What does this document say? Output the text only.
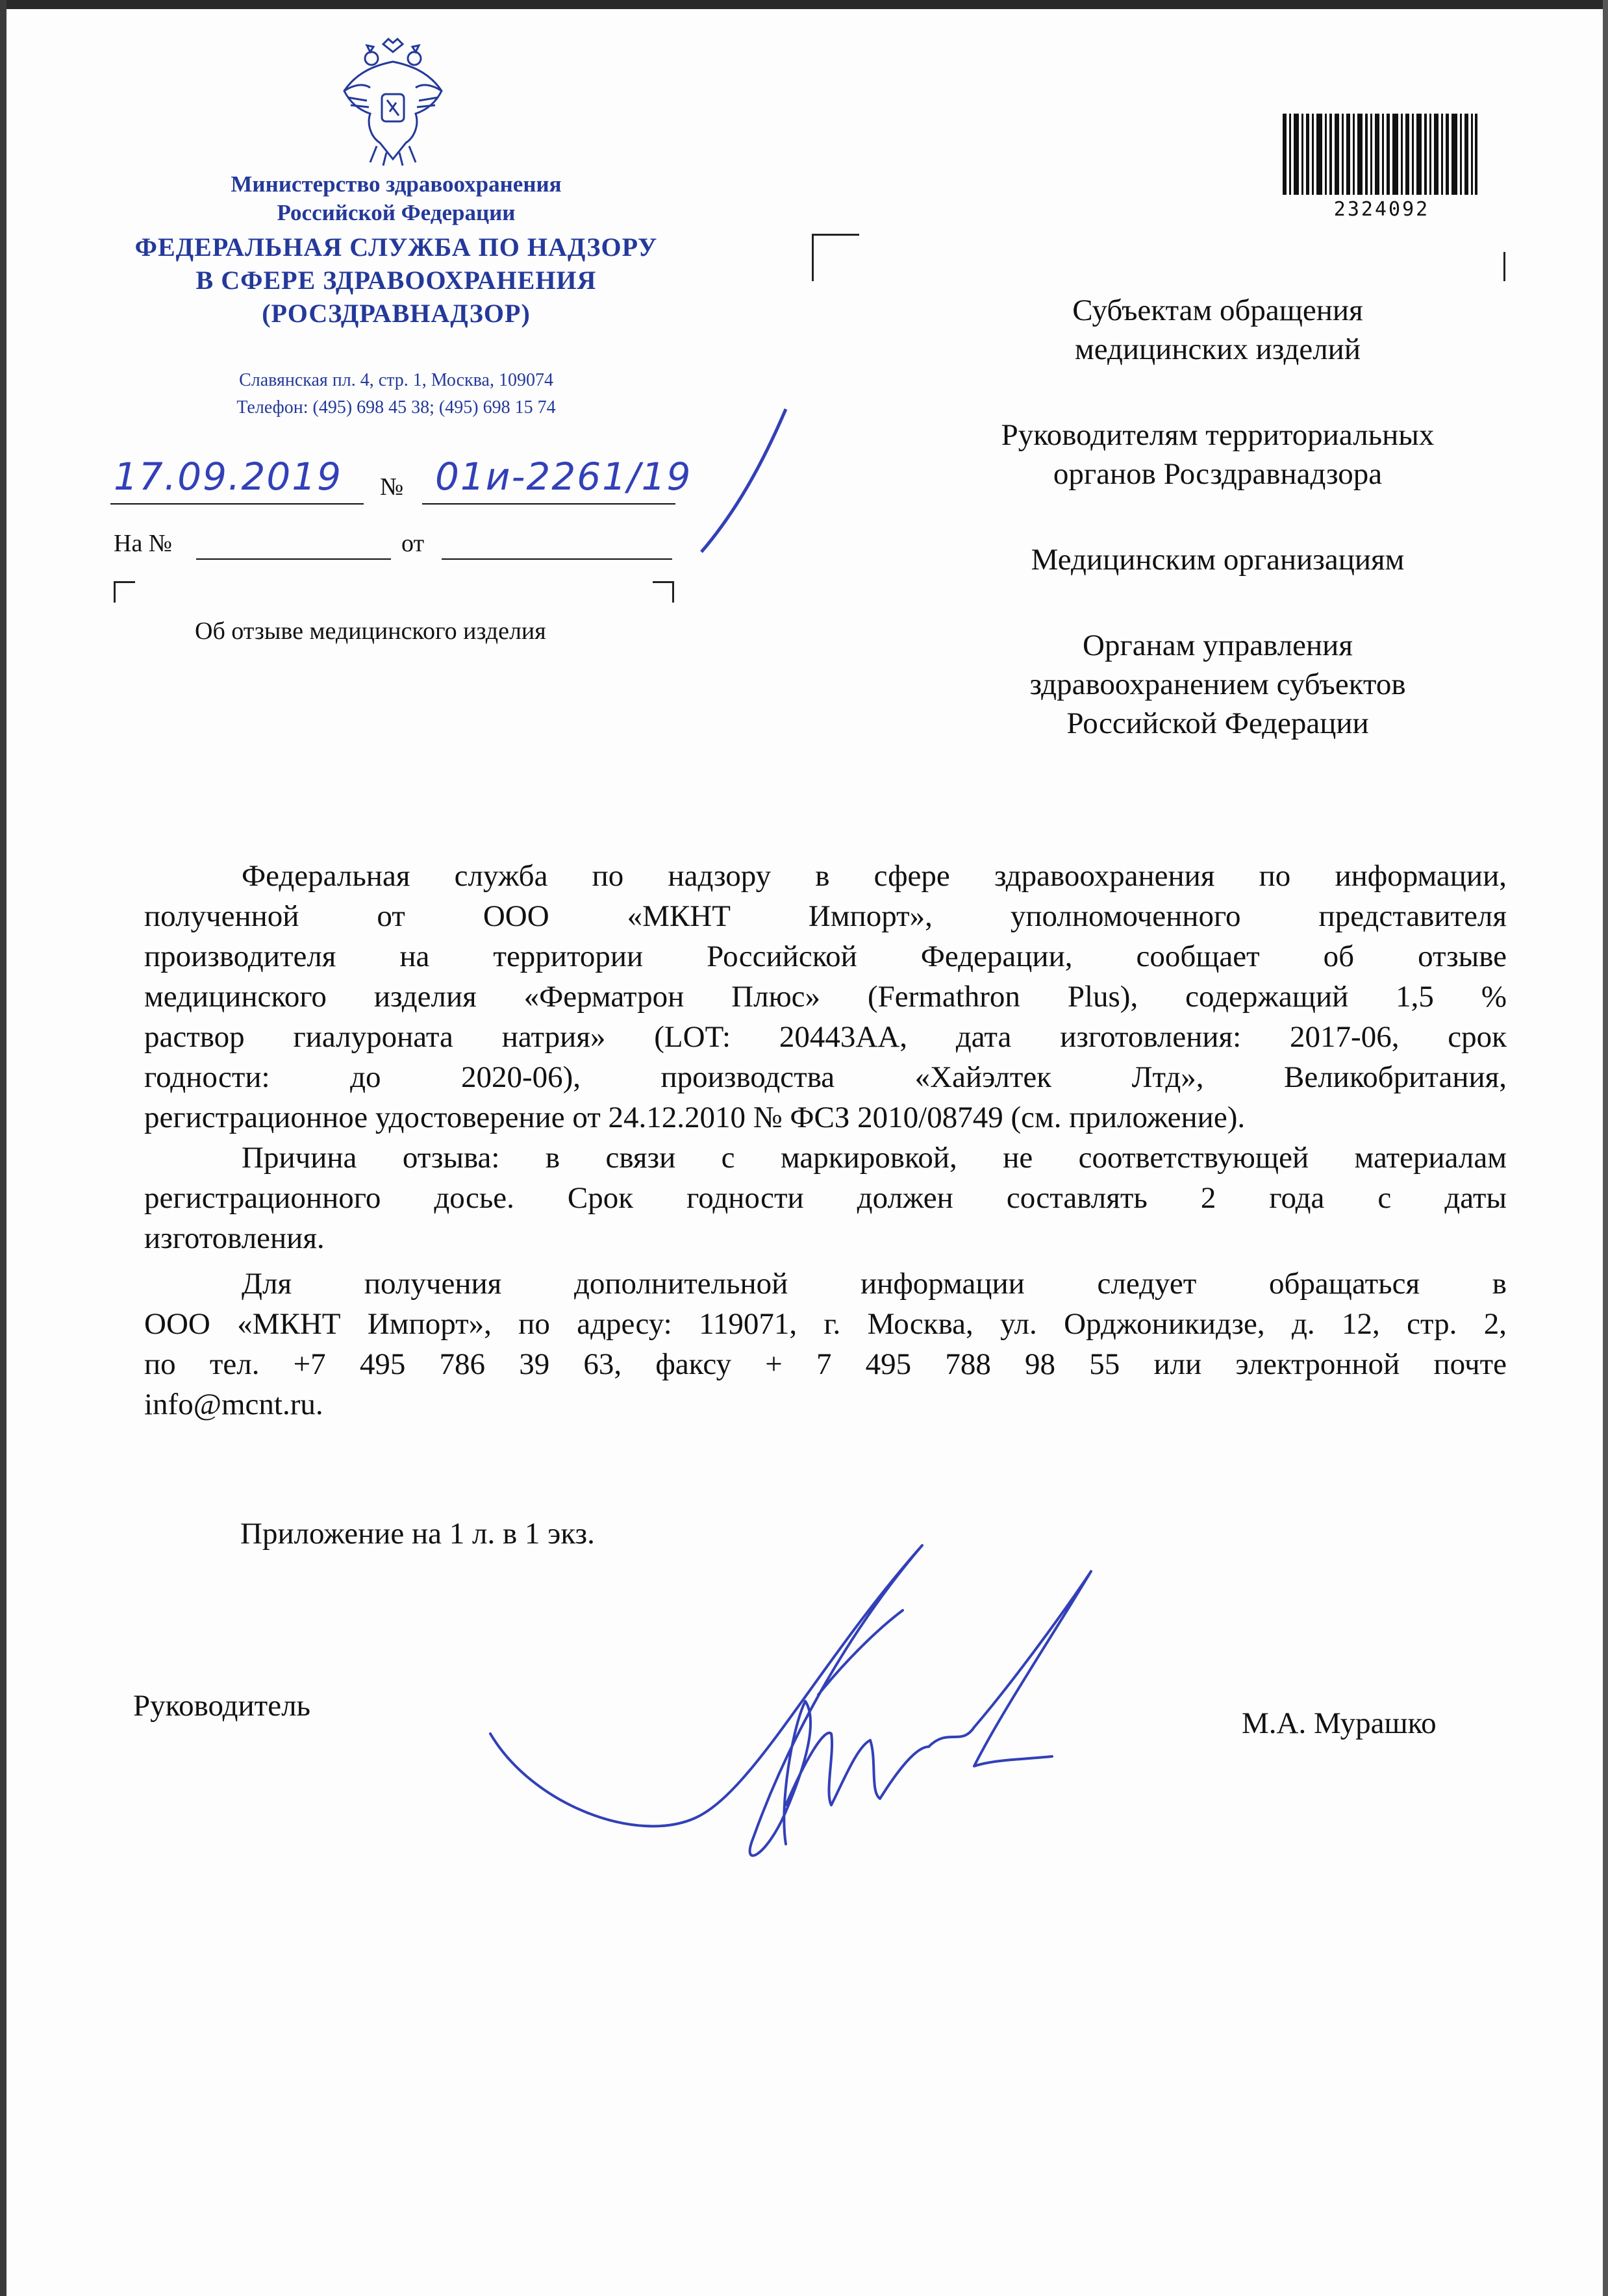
Министерство здравоохранения
Российской Федерации
ФЕДЕРАЛЬНАЯ СЛУЖБА ПО НАДЗОРУ
В СФЕРЕ ЗДРАВООХРАНЕНИЯ
(РОСЗДРАВНАДЗОР)
Славянская пл. 4, стр. 1, Москва, 109074
Телефон: (495) 698 45 38; (495) 698 15 74
17.09.2019 № 01и-2261/19
На №	от
Об отзыве медицинского изделия
2324092
Субъектам обращения
медицинских изделий
Руководителям территориальных
органов Росздравнадзора
Медицинским организациям
Органам управления
здравоохранением субъектов
Российской Федерации
Федеральная служба по надзору в сфере здравоохранения по информации,
полученной от ООО «МКНТ Импорт», уполномоченного представителя
производителя на территории Российской Федерации, сообщает об отзыве
медицинского изделия «Ферматрон Плюс» (Fermathron Plus), содержащий 1,5 %
раствор гиалуроната натрия» (LOT: 20443AA, дата изготовления: 2017-06, срок
годности: до 2020-06), производства «Хайэлтек Лтд», Великобритания,
регистрационное удостоверение от 24.12.2010 № ФСЗ 2010/08749 (см. приложение).
Причина отзыва: в связи с маркировкой, не соответствующей материалам
регистрационного досье. Срок годности должен составлять 2 года с даты
изготовления.
Для получения дополнительной информации следует обращаться в
ООО «МКНТ Импорт», по адресу: 119071, г. Москва, ул. Орджоникидзе, д. 12, стр. 2,
по тел. +7 495 786 39 63, факсу + 7 495 788 98 55 или электронной почте
info@mcnt.ru.
Приложение на 1 л. в 1 экз.
Руководитель
М.А. Мурашко
